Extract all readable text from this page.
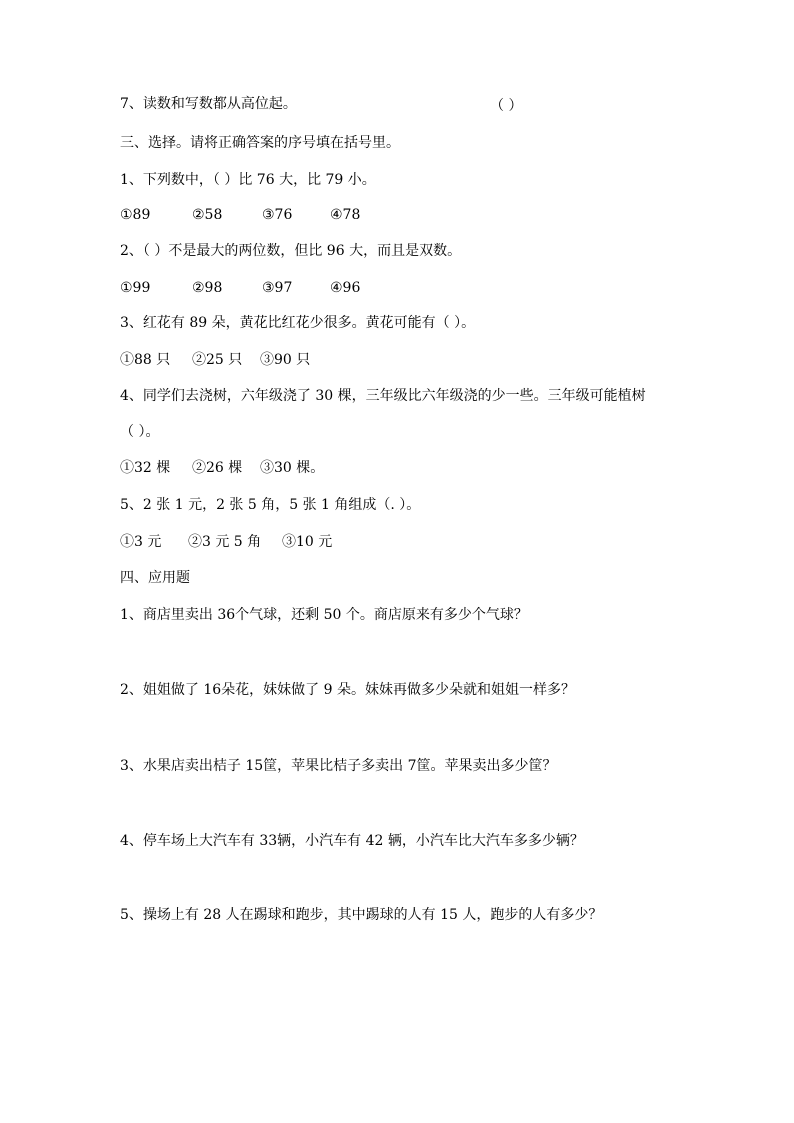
7、读数和写数都从高位起。	（ ）
三、选择。请将正确答案的序号填在括号里。
1、下列数中，（ ）比 76 大，比 79 小。
①89	②58	③76	④78
2、（ ）不是最大的两位数，但比 96 大，而且是双数。
①99	②98	③97	④96
3、红花有 89 朵，黄花比红花少很多。黄花可能有（ ）。
①88 只 ②25 只 ③90 只
4、同学们去浇树，六年级浇了 30 棵，三年级比六年级浇的少一些。三年级可能植树
（ ）。
①32 棵 ②26 棵 ③30 棵。
5、2 张 1 元，2 张 5 角，5 张 1 角组成（. ）。
①3 元 ②3 元 5 角 ③10 元
四、应用题
1、商店里卖出 36个气球，还剩 50 个。商店原来有多少个气球？
2、姐姐做了 16朵花，妹妹做了 9 朵。妹妹再做多少朵就和姐姐一样多？
3、水果店卖出桔子 15筐，苹果比桔子多卖出 7筐。苹果卖出多少筐？
4、停车场上大汽车有 33辆，小汽车有 42 辆，小汽车比大汽车多多少辆？
5、操场上有 28 人在踢球和跑步，其中踢球的人有 15 人，跑步的人有多少？
